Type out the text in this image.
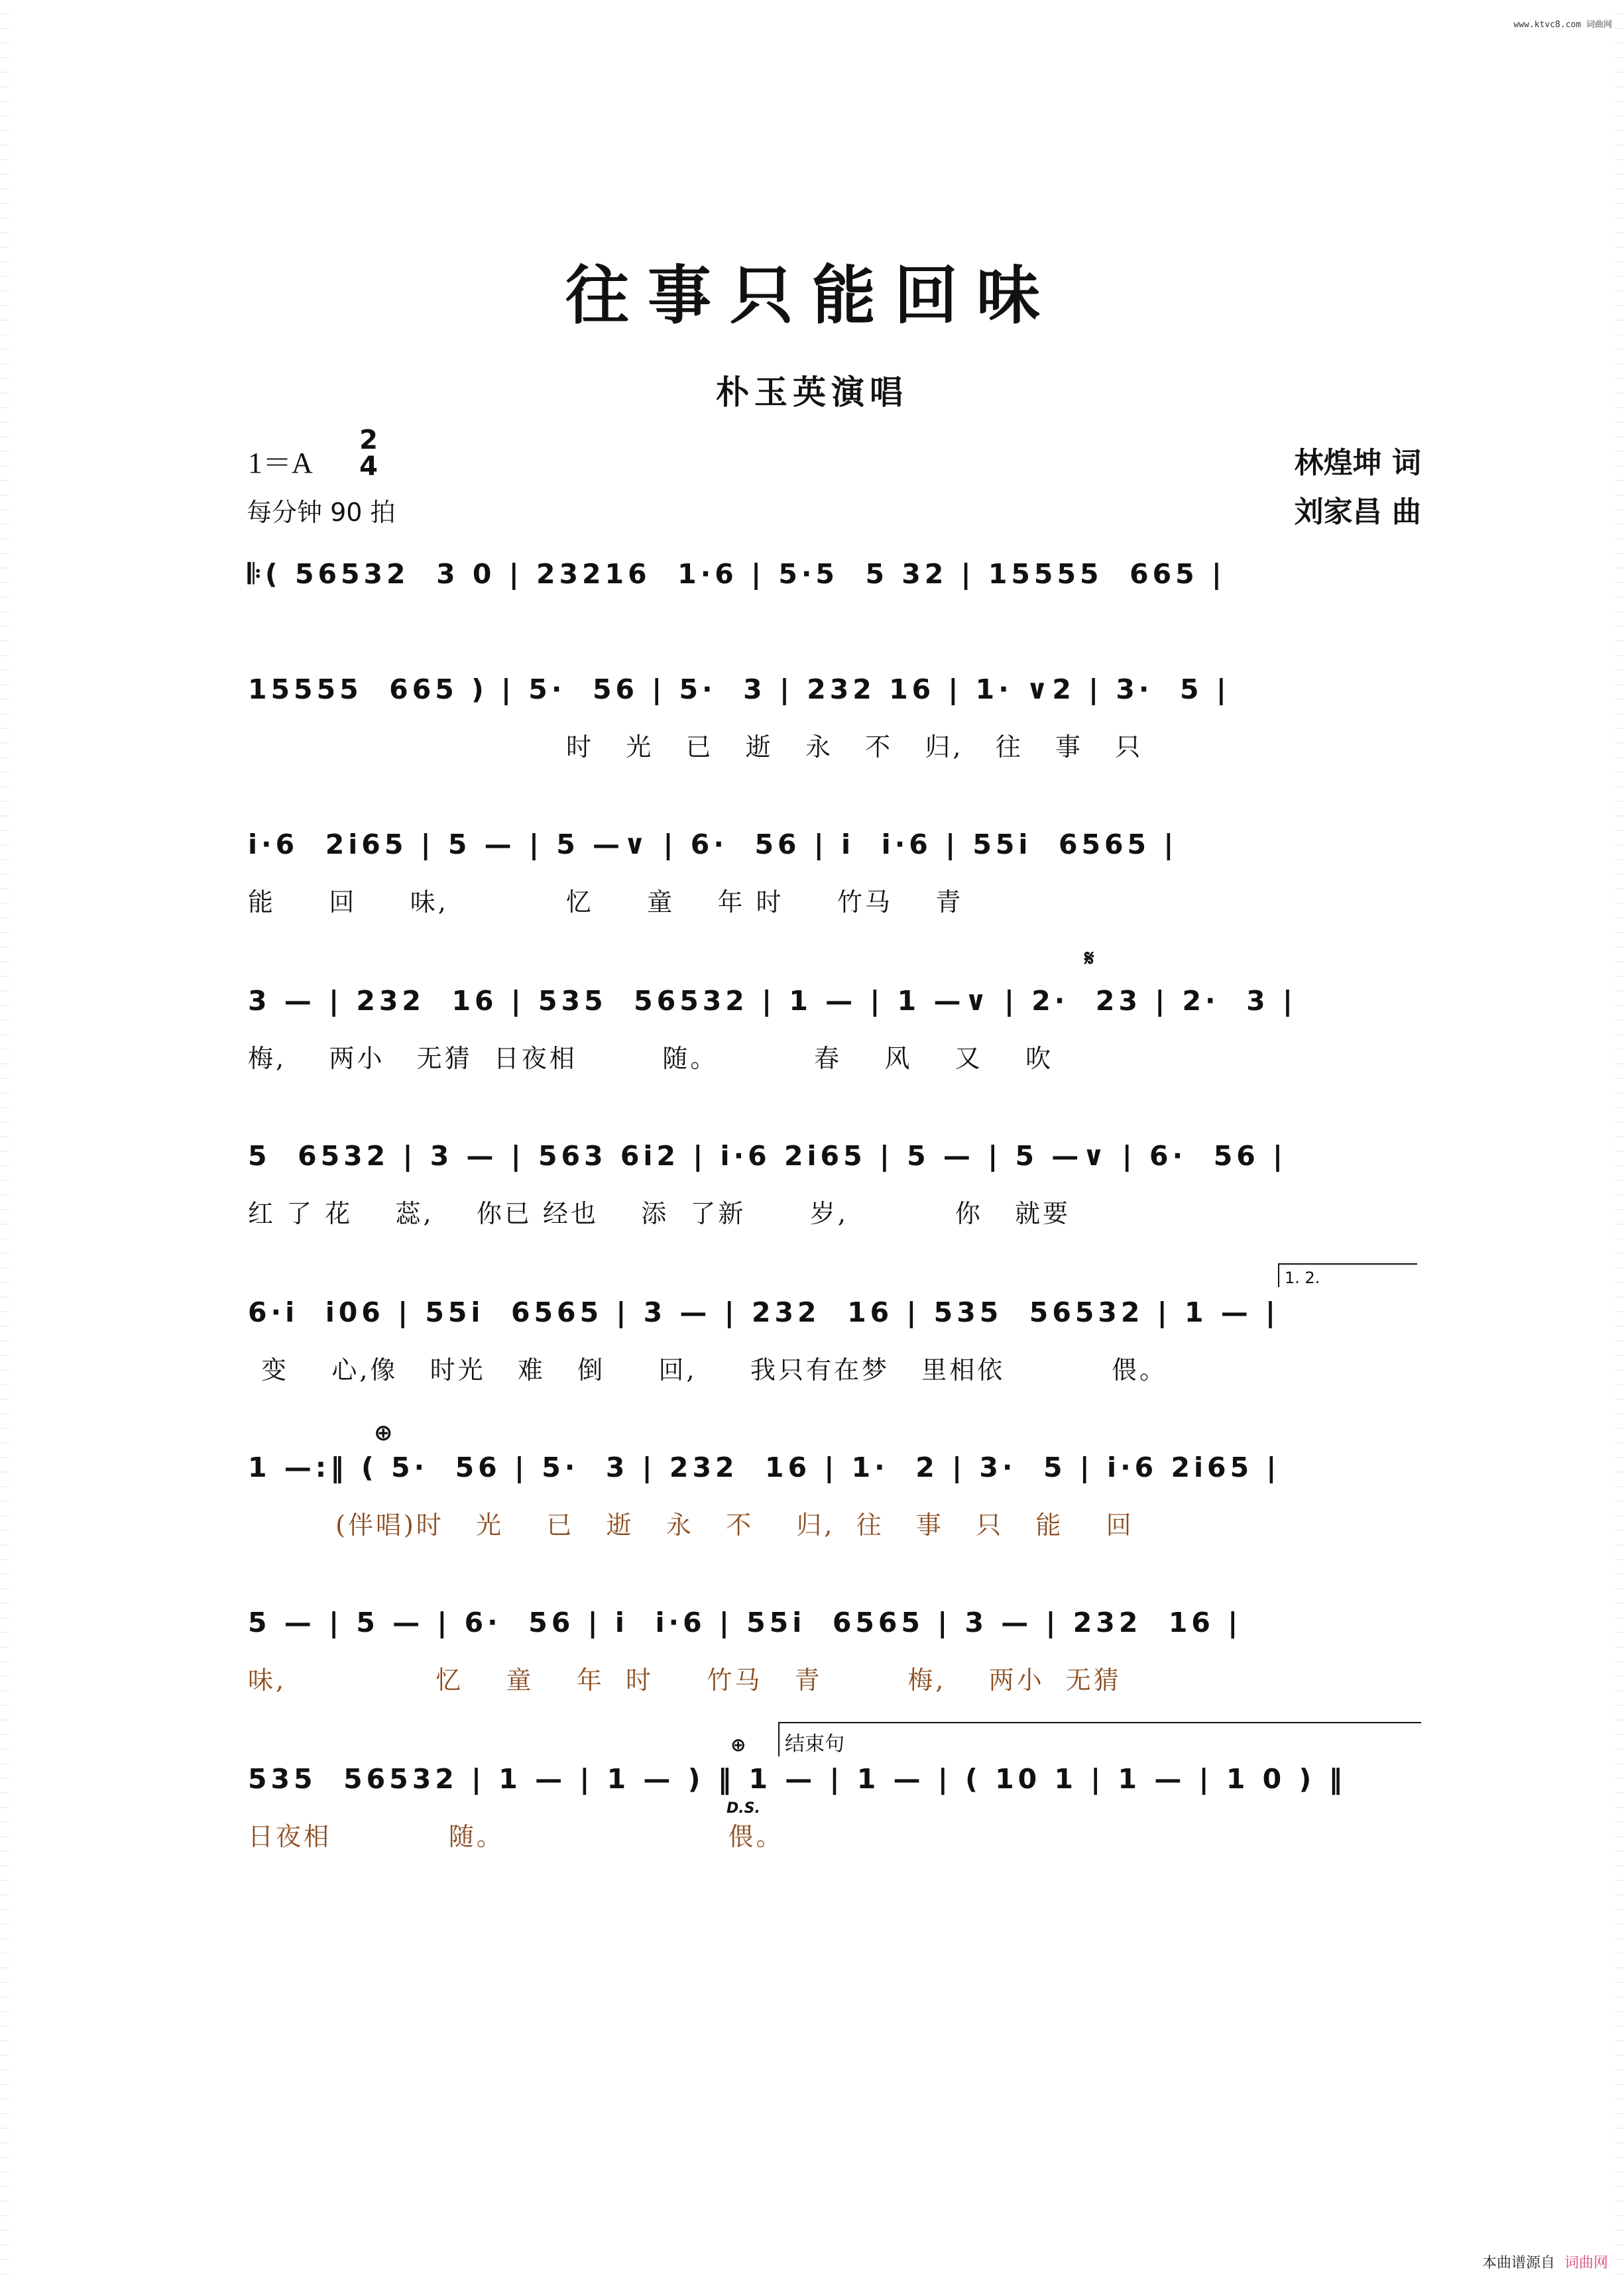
www.ktvc8.com 词曲网
往事只能回味
朴玉英演唱
1＝A
2
4
每分钟 90 拍
林煌坤 词
刘家昌 曲
𝄆( 56532  3 0 | 23216  1·6 | 5·5  5 32 | 15555  665 |
15555  665 ) | 5·  56 | 5·  3 | 232 16 | 1· ∨2 | 3·  5 |
时   光   已   逝   永   不   归,   往   事   只
i·6  2i65 | 5 — | 5 —∨ | 6·  56 | i  i·6 | 55i  6565 |
能     回     味,           忆     童    年 时     竹马    青
3 — | 232  16 | 535  56532 | 1 — | 1 —∨ | 2·  23 | 2·  3 |
梅,    两小   无猜  日夜相        随。         春    风    又    吹
𝄋
5  6532 | 3 — | 563 6i2 | i·6 2i65 | 5 — | 5 —∨ | 6·  56 |
红 了 花    蕊,    你已 经也    添  了新      岁,          你   就要
1. 2.
6·i  i06 | 55i  6565 | 3 — | 232  16 | 535  56532 | 1 — |
变    心,像   时光   难   倒     回,     我只有在梦   里相依          偎。
⊕
1 —:‖ ( 5·  56 | 5·  3 | 232  16 | 1·  2 | 3·  5 | i·6 2i65 |
(伴唱)时   光    已   逝   永   不    归,  往   事   只   能    回
5 — | 5 — | 6·  56 | i  i·6 | 55i  6565 | 3 — | 232  16 |
味,              忆    童    年  时     竹马   青        梅,    两小  无猜
⊕	结束句
535  56532 | 1 — | 1 — ) ‖ 1 — | 1 — | ( 10 1 | 1 — | 1 0 ) ‖
D.S.
日夜相           随。                     偎。
本曲谱源自 词曲网
